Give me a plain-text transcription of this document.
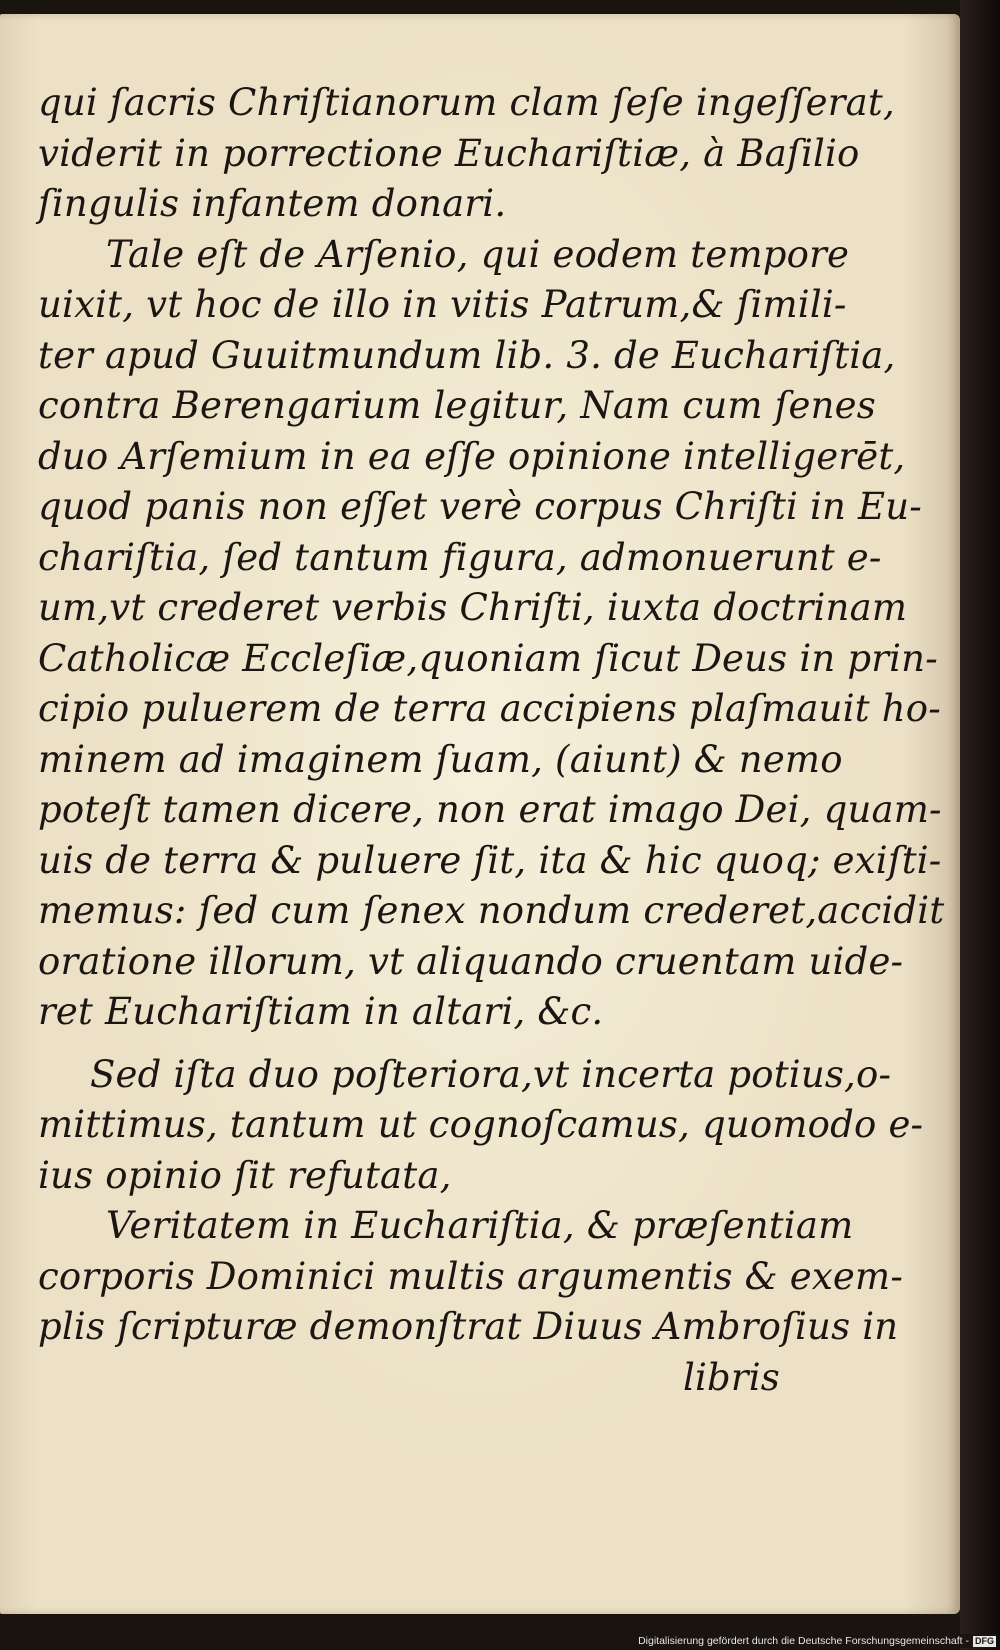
qui ſacris Chriſtianorum clam ſeſe ingeſſerat,
viderit in porrectione Euchariſtiæ, à Baſilio
ſingulis infantem donari.
Tale eſt de Arſenio, qui eodem tempore
uixit, vt hoc de illo in vitis Patrum,& ſimili-
ter apud Guuitmundum lib. 3. de Euchariſtia,
contra Berengarium legitur, Nam cum ſenes
duo Arſemium in ea eſſe opinione intelligerēt,
quod panis non eſſet verè corpus Chriſti in Eu-
chariſtia, ſed tantum figura, admonuerunt e-
um,vt crederet verbis Chriſti, iuxta doctrinam
Catholicæ Eccleſiæ,quoniam ſicut Deus in prin-
cipio puluerem de terra accipiens plaſmauit ho-
minem ad imaginem ſuam, (aiunt) & nemo
poteſt tamen dicere, non erat imago Dei, quam-
uis de terra & puluere ſit, ita & hic quoq; exiſti-
memus: ſed cum ſenex nondum crederet,accidit
oratione illorum, vt aliquando cruentam uide-
ret Euchariſtiam in altari, &c.
Sed iſta duo poſteriora,vt incerta potius,o-
mittimus, tantum ut cognoſcamus, quomodo e-
ius opinio ſit refutata,
Veritatem in Euchariſtia, & præſentiam
corporis Dominici multis argumentis & exem-
plis ſcripturæ demonſtrat Diuus Ambroſius in
libris
Digitalisierung gefördert durch die Deutsche Forschungsgemeinschaft - DFG
